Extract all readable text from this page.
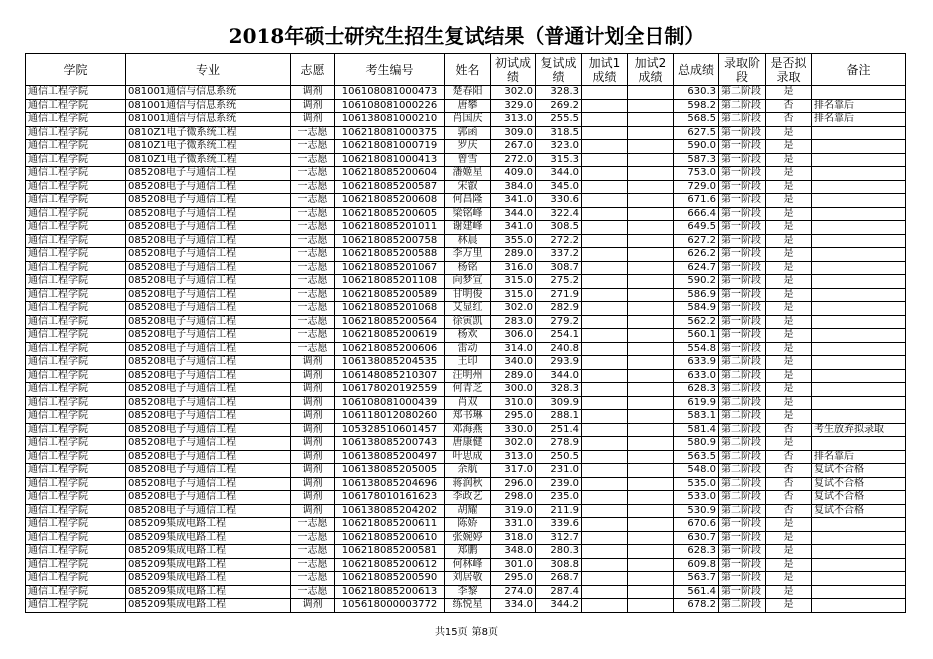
2018年硕士研究生招生复试结果（普通计划全日制）
学院	专业	志愿	考生编号	姓名	初试成绩	复试成绩	加试1成绩	加试2成绩	总成绩	录取阶段	是否拟录取	备注
通信工程学院	081001通信与信息系统	调剂	106108081000473	楚春阳	302.0	328.3			630.3	第二阶段	是	
通信工程学院	081001通信与信息系统	调剂	106108081000226	唐攀	329.0	269.2			598.2	第二阶段	否	排名靠后
通信工程学院	081001通信与信息系统	调剂	106138081000210	肖国庆	313.0	255.5			568.5	第二阶段	否	排名靠后
通信工程学院	0810Z1电子微系统工程	一志愿	106218081000375	郭函	309.0	318.5			627.5	第一阶段	是	
通信工程学院	0810Z1电子微系统工程	一志愿	106218081000719	罗庆	267.0	323.0			590.0	第一阶段	是	
通信工程学院	0810Z1电子微系统工程	一志愿	106218081000413	曾雪	272.0	315.3			587.3	第一阶段	是	
通信工程学院	085208电子与通信工程	一志愿	106218085200604	潘姬星	409.0	344.0			753.0	第一阶段	是	
通信工程学院	085208电子与通信工程	一志愿	106218085200587	宋叡	384.0	345.0			729.0	第一阶段	是	
通信工程学院	085208电子与通信工程	一志愿	106218085200608	何昌隆	341.0	330.6			671.6	第一阶段	是	
通信工程学院	085208电子与通信工程	一志愿	106218085200605	梁铭峰	344.0	322.4			666.4	第一阶段	是	
通信工程学院	085208电子与通信工程	一志愿	106218085201011	谢建峰	341.0	308.5			649.5	第一阶段	是	
通信工程学院	085208电子与通信工程	一志愿	106218085200758	林晨	355.0	272.2			627.2	第一阶段	是	
通信工程学院	085208电子与通信工程	一志愿	106218085200588	李万里	289.0	337.2			626.2	第一阶段	是	
通信工程学院	085208电子与通信工程	一志愿	106218085201067	杨铭	316.0	308.7			624.7	第一阶段	是	
通信工程学院	085208电子与通信工程	一志愿	106218085201108	向梦宣	315.0	275.2			590.2	第一阶段	是	
通信工程学院	085208电子与通信工程	一志愿	106218085200589	甘明俊	315.0	271.9			586.9	第一阶段	是	
通信工程学院	085208电子与通信工程	一志愿	106218085201068	艾显红	302.0	282.9			584.9	第一阶段	是	
通信工程学院	085208电子与通信工程	一志愿	106218085200564	徐寅凯	283.0	279.2			562.2	第一阶段	是	
通信工程学院	085208电子与通信工程	一志愿	106218085200619	杨欢	306.0	254.1			560.1	第一阶段	是	
通信工程学院	085208电子与通信工程	一志愿	106218085200606	雷动	314.0	240.8			554.8	第一阶段	是	
通信工程学院	085208电子与通信工程	调剂	106138085204535	王印	340.0	293.9			633.9	第二阶段	是	
通信工程学院	085208电子与通信工程	调剂	106148085210307	汪明州	289.0	344.0			633.0	第二阶段	是	
通信工程学院	085208电子与通信工程	调剂	106178020192559	何青芝	300.0	328.3			628.3	第二阶段	是	
通信工程学院	085208电子与通信工程	调剂	106108081000439	肖双	310.0	309.9			619.9	第二阶段	是	
通信工程学院	085208电子与通信工程	调剂	106118012080260	郑书琳	295.0	288.1			583.1	第二阶段	是	
通信工程学院	085208电子与通信工程	调剂	105328510601457	邓海燕	330.0	251.4			581.4	第二阶段	否	考生放弃拟录取
通信工程学院	085208电子与通信工程	调剂	106138085200743	唐康健	302.0	278.9			580.9	第二阶段	是	
通信工程学院	085208电子与通信工程	调剂	106138085200497	叶思成	313.0	250.5			563.5	第二阶段	否	排名靠后
通信工程学院	085208电子与通信工程	调剂	106138085205005	余航	317.0	231.0			548.0	第二阶段	否	复试不合格
通信工程学院	085208电子与通信工程	调剂	106138085204696	蒋润秋	296.0	239.0			535.0	第二阶段	否	复试不合格
通信工程学院	085208电子与通信工程	调剂	106178010161623	李政艺	298.0	235.0			533.0	第二阶段	否	复试不合格
通信工程学院	085208电子与通信工程	调剂	106138085204202	胡耀	319.0	211.9			530.9	第二阶段	否	复试不合格
通信工程学院	085209集成电路工程	一志愿	106218085200611	陈娇	331.0	339.6			670.6	第一阶段	是	
通信工程学院	085209集成电路工程	一志愿	106218085200610	张婉婷	318.0	312.7			630.7	第一阶段	是	
通信工程学院	085209集成电路工程	一志愿	106218085200581	郑鹏	348.0	280.3			628.3	第一阶段	是	
通信工程学院	085209集成电路工程	一志愿	106218085200612	何林峰	301.0	308.8			609.8	第一阶段	是	
通信工程学院	085209集成电路工程	一志愿	106218085200590	刘居敬	295.0	268.7			563.7	第一阶段	是	
通信工程学院	085209集成电路工程	一志愿	106218085200613	李黎	274.0	287.4			561.4	第一阶段	是	
通信工程学院	085209集成电路工程	调剂	105618000003772	练悦星	334.0	344.2			678.2	第二阶段	是	
共15页 第8页
